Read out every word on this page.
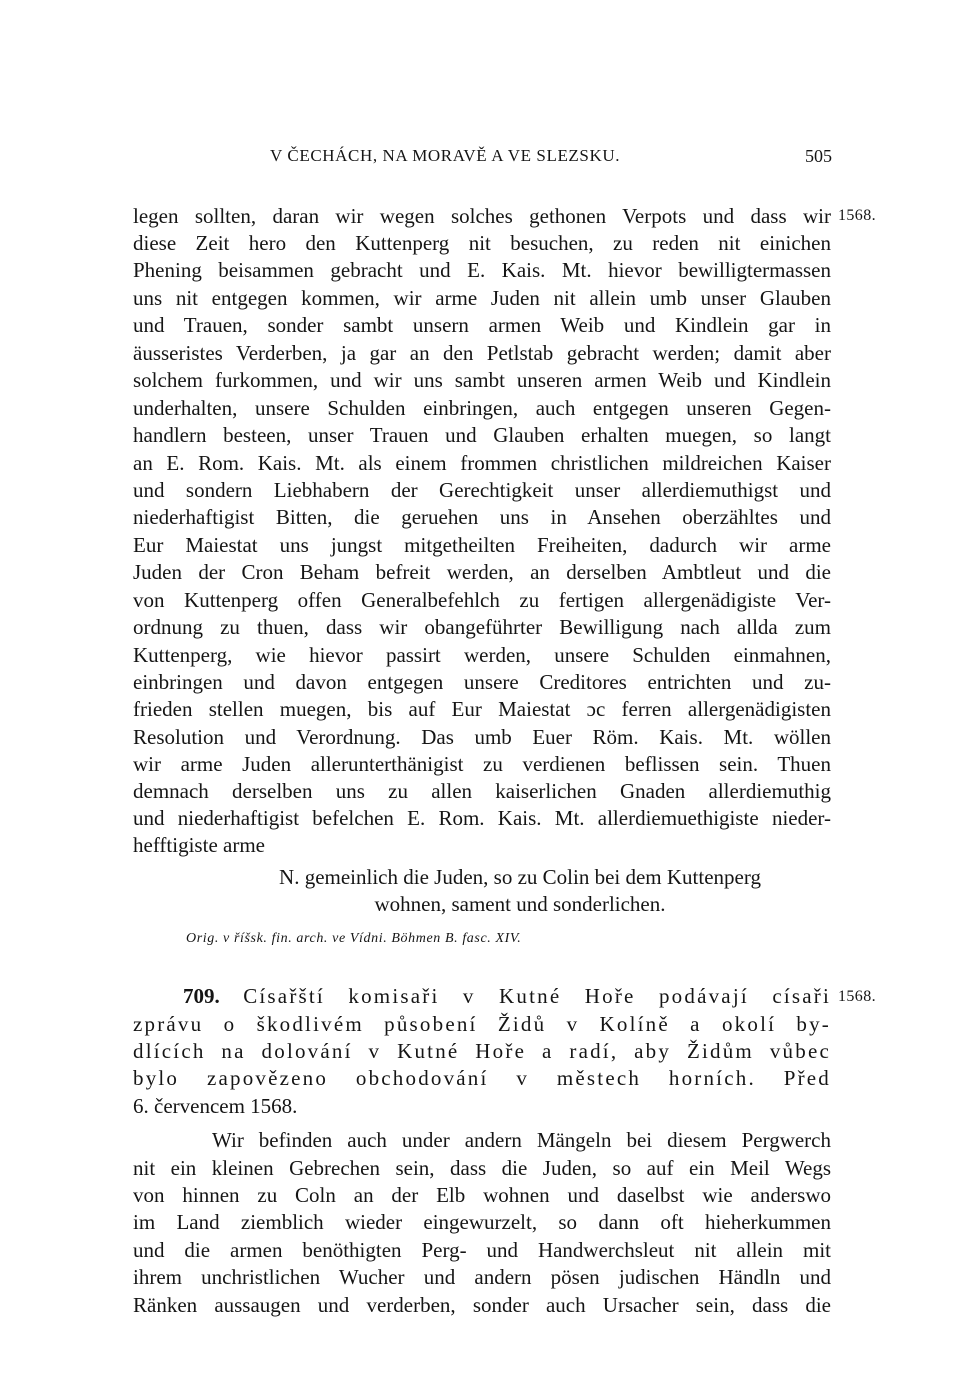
V ČECHÁCH, NA MORAVĚ A VE SLEZSKU.	505
1568.
legen sollten, daran wir wegen solches gethonen Verpots und dass wir
diese Zeit hero den Kuttenperg nit besuchen, zu reden nit einichen
Phening beisammen gebracht und E. Kais. Mt. hievor bewilligtermassen
uns nit entgegen kommen, wir arme Juden nit allein umb unser Glauben
und Trauen, sonder sambt unsern armen Weib und Kindlein gar in
äusseristes Verderben, ja gar an den Petlstab gebracht werden; damit aber
solchem furkommen, und wir uns sambt unseren armen Weib und Kindlein
underhalten, unsere Schulden einbringen, auch entgegen unseren Gegen-
handlern besteen, unser Trauen und Glauben erhalten muegen, so langt
an E. Rom. Kais. Mt. als einem frommen christlichen mildreichen Kaiser
und sondern Liebhabern der Gerechtigkeit unser allerdiemuthigst und
niederhaftigist Bitten, die geruehen uns in Ansehen oberzähltes und
Eur Maiestat uns jungst mitgetheilten Freiheiten, dadurch wir arme
Juden der Cron Beham befreit werden, an derselben Ambtleut und die
von Kuttenperg offen Generalbefehlch zu fertigen allergenädigiste Ver-
ordnung zu thuen, dass wir obangeführter Bewilligung nach allda zum
Kuttenperg, wie hievor passirt werden, unsere Schulden einmahnen,
einbringen und davon entgegen unsere Creditores entrichten und zu-
frieden stellen muegen, bis auf Eur Maiestat ɔc ferren allergenädigisten
Resolution und Verordnung. Das umb Euer Röm. Kais. Mt. wöllen
wir arme Juden allerunterthänigist zu verdienen beflissen sein. Thuen
demnach derselben uns zu allen kaiserlichen Gnaden allerdiemuthig
und niederhaftigist befelchen E. Rom. Kais. Mt. allerdiemuethigiste nieder-
hefftigiste arme
N. gemeinlich die Juden, so zu Colin bei dem Kuttenperg
wohnen, sament und sonderlichen.
Orig. v říšsk. fin. arch. ve Vídni. Böhmen B. fasc. XIV.
1568.
709. Císařští komisaři v Kutné Hoře podávají císaři
zprávu o škodlivém působení Židů v Kolíně a okolí by-
dlících na dolování v Kutné Hoře a radí, aby Židům vůbec
bylo zapovězeno obchodování v městech horních. Před
6. červencem 1568.
Wir befinden auch under andern Mängeln bei diesem Pergwerch
nit ein kleinen Gebrechen sein, dass die Juden, so auf ein Meil Wegs
von hinnen zu Coln an der Elb wohnen und daselbst wie anderswo
im Land ziemblich wieder eingewurzelt, so dann oft hieherkummen
und die armen benöthigten Perg- und Handwerchsleut nit allein mit
ihrem unchristlichen Wucher und andern pösen judischen Händln und
Ränken aussaugen und verderben, sonder auch Ursacher sein, dass die
